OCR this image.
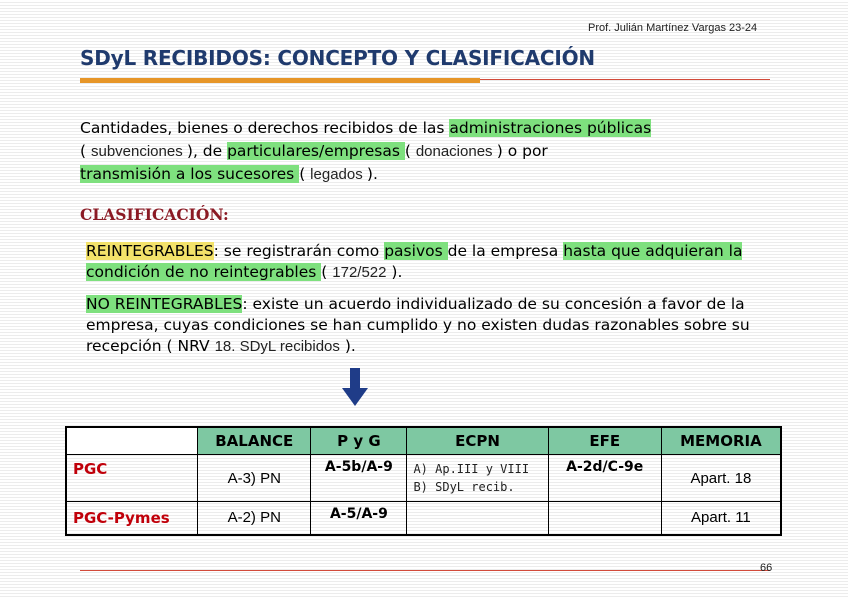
Prof. Julián Martínez Vargas 23-24
SDyL RECIBIDOS: CONCEPTO Y CLASIFICACIÓN
Cantidades, bienes o derechos recibidos de las administraciones públicas
( subvenciones ), de particulares/empresas ( donaciones ) o por
transmisión a los sucesores ( legados ).
CLASIFICACIÓN:
REINTEGRABLES: se registrarán como pasivos de la empresa hasta que adquieran la condición de no reintegrables ( 172/522 ).
NO REINTEGRABLES: existe un acuerdo individualizado de su concesión a favor de la empresa, cuyas condiciones se han cumplido y no existen dudas razonables sobre su recepción ( NRV 18. SDyL recibidos ).
	BALANCE	P y G	ECPN	EFE	MEMORIA
PGC	A-3) PN	A-5b/A-9	A) Ap.III y VIII
B) SDyL recib.	A-2d/C-9e	Apart. 18
PGC-Pymes	A-2) PN	A-5/A-9			Apart. 11
66
